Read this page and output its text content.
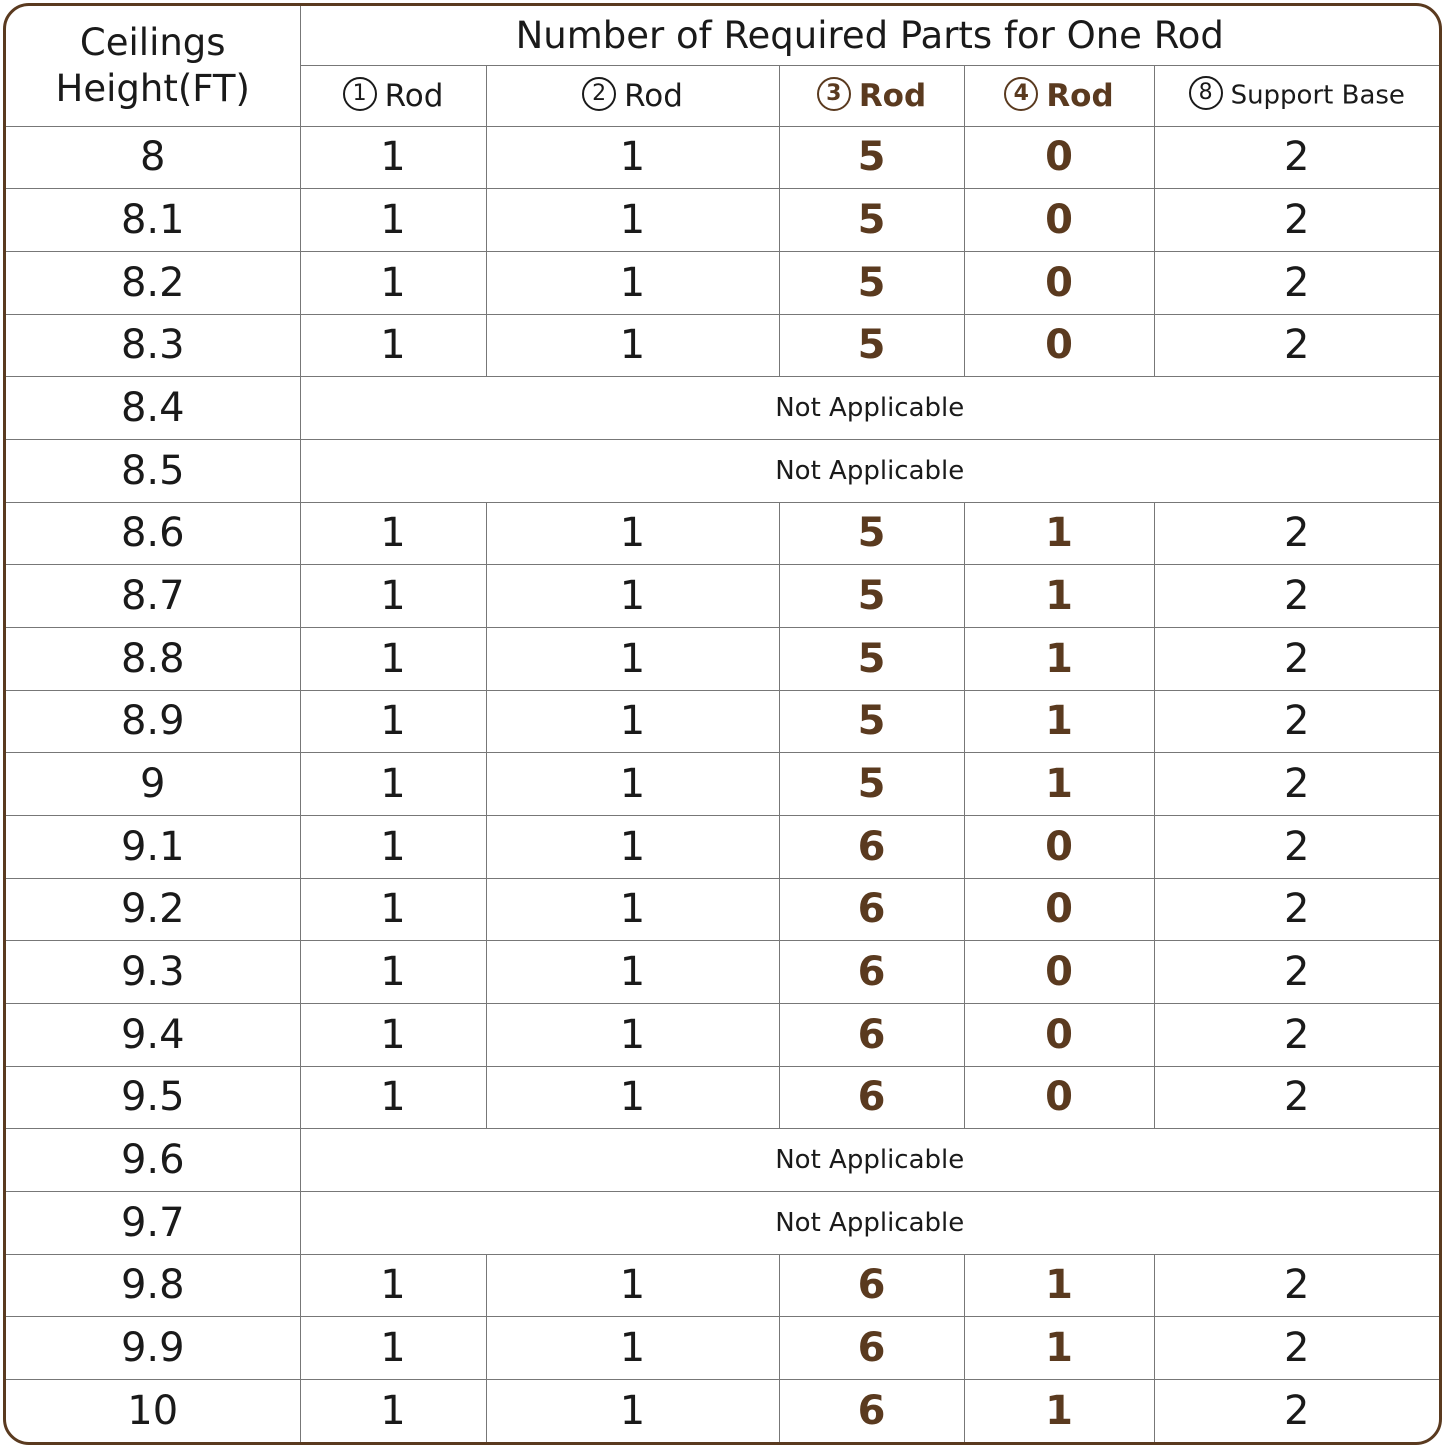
Ceilings
Height(FT)	Number of Required Parts for One Rod				
	1 Rod	2 Rod	3 Rod	4 Rod	8 Support Base
8	1	1	5	0	2
8.1	1	1	5	0	2
8.2	1	1	5	0	2
8.3	1	1	5	0	2
8.4	Not Applicable				
8.5	Not Applicable				
8.6	1	1	5	1	2
8.7	1	1	5	1	2
8.8	1	1	5	1	2
8.9	1	1	5	1	2
9	1	1	5	1	2
9.1	1	1	6	0	2
9.2	1	1	6	0	2
9.3	1	1	6	0	2
9.4	1	1	6	0	2
9.5	1	1	6	0	2
9.6	Not Applicable				
9.7	Not Applicable				
9.8	1	1	6	1	2
9.9	1	1	6	1	2
10	1	1	6	1	2
